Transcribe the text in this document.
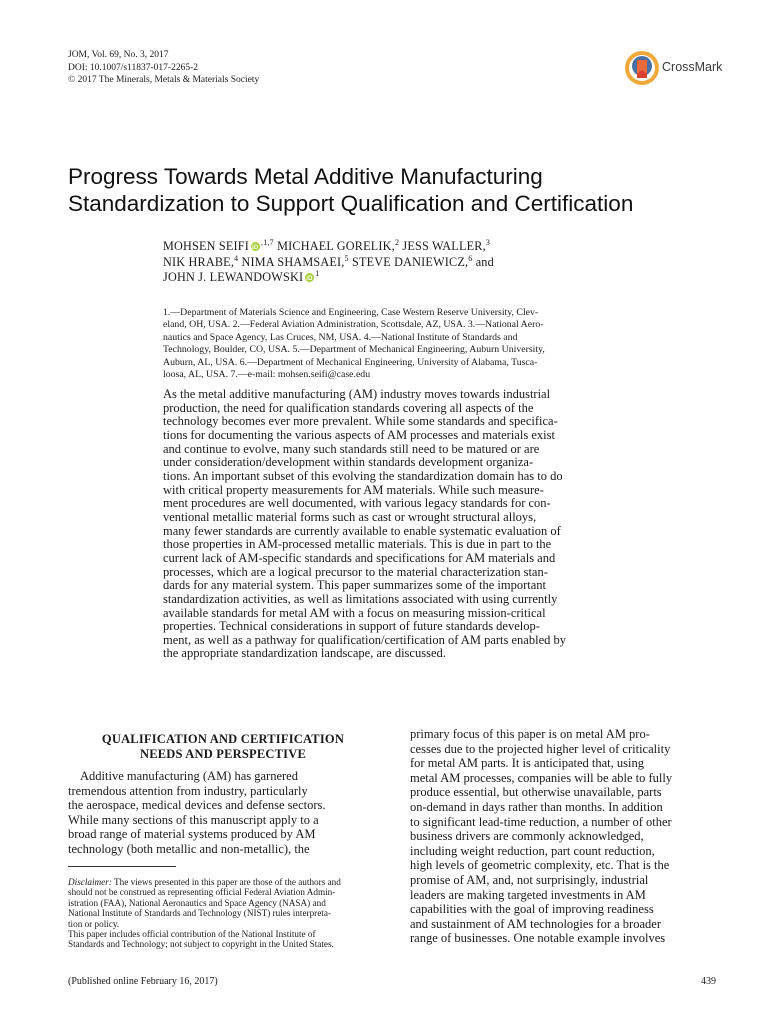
JOM, Vol. 69, No. 3, 2017
DOI: 10.1007/s11837-017-2265-2
© 2017 The Minerals, Metals & Materials Society
CrossMark
Progress Towards Metal Additive Manufacturing
Standardization to Support Qualification and Certification
MOHSEN SEIFI iD $^{,1,7}$ MICHAEL GORELIK,$^2$ JESS WALLER,$^3$
NIK HRABE,$^4$ NIMA SHAMSAEI,$^5$ STEVE DANIEWICZ,$^6$ and
JOHN J. LEWANDOWSKI iD $^1$
1.—Department of Materials Science and Engineering, Case Western Reserve University, Clev-
eland, OH, USA. 2.—Federal Aviation Administration, Scottsdale, AZ, USA. 3.—National Aero-
nautics and Space Agency, Las Cruces, NM, USA. 4.—National Institute of Standards and
Technology, Boulder, CO, USA. 5.—Department of Mechanical Engineering, Auburn University,
Auburn, AL, USA. 6.—Department of Mechanical Engineering, University of Alabama, Tusca-
loosa, AL, USA. 7.—e-mail: mohsen.seifi@case.edu
As the metal additive manufacturing (AM) industry moves towards industrial
production, the need for qualification standards covering all aspects of the
technology becomes ever more prevalent. While some standards and specifica-
tions for documenting the various aspects of AM processes and materials exist
and continue to evolve, many such standards still need to be matured or are
under consideration/development within standards development organiza-
tions. An important subset of this evolving the standardization domain has to do
with critical property measurements for AM materials. While such measure-
ment procedures are well documented, with various legacy standards for con-
ventional metallic material forms such as cast or wrought structural alloys,
many fewer standards are currently available to enable systematic evaluation of
those properties in AM-processed metallic materials. This is due in part to the
current lack of AM-specific standards and specifications for AM materials and
processes, which are a logical precursor to the material characterization stan-
dards for any material system. This paper summarizes some of the important
standardization activities, as well as limitations associated with using currently
available standards for metal AM with a focus on measuring mission-critical
properties. Technical considerations in support of future standards develop-
ment, as well as a pathway for qualification/certification of AM parts enabled by
the appropriate standardization landscape, are discussed.
QUALIFICATION AND CERTIFICATION
NEEDS AND PERSPECTIVE
Additive manufacturing (AM) has garnered
tremendous attention from industry, particularly
the aerospace, medical devices and defense sectors.
While many sections of this manuscript apply to a
broad range of material systems produced by AM
technology (both metallic and non-metallic), the
Disclaimer: The views presented in this paper are those of the authors and
should not be construed as representing official Federal Aviation Admin-
istration (FAA), National Aeronautics and Space Agency (NASA) and
National Institute of Standards and Technology (NIST) rules interpreta-
tion or policy.
This paper includes official contribution of the National Institute of
Standards and Technology; not subject to copyright in the United States.
primary focus of this paper is on metal AM pro-
cesses due to the projected higher level of criticality
for metal AM parts. It is anticipated that, using
metal AM processes, companies will be able to fully
produce essential, but otherwise unavailable, parts
on-demand in days rather than months. In addition
to significant lead-time reduction, a number of other
business drivers are commonly acknowledged,
including weight reduction, part count reduction,
high levels of geometric complexity, etc. That is the
promise of AM, and, not surprisingly, industrial
leaders are making targeted investments in AM
capabilities with the goal of improving readiness
and sustainment of AM technologies for a broader
range of businesses. One notable example involves
(Published online February 16, 2017)	439
